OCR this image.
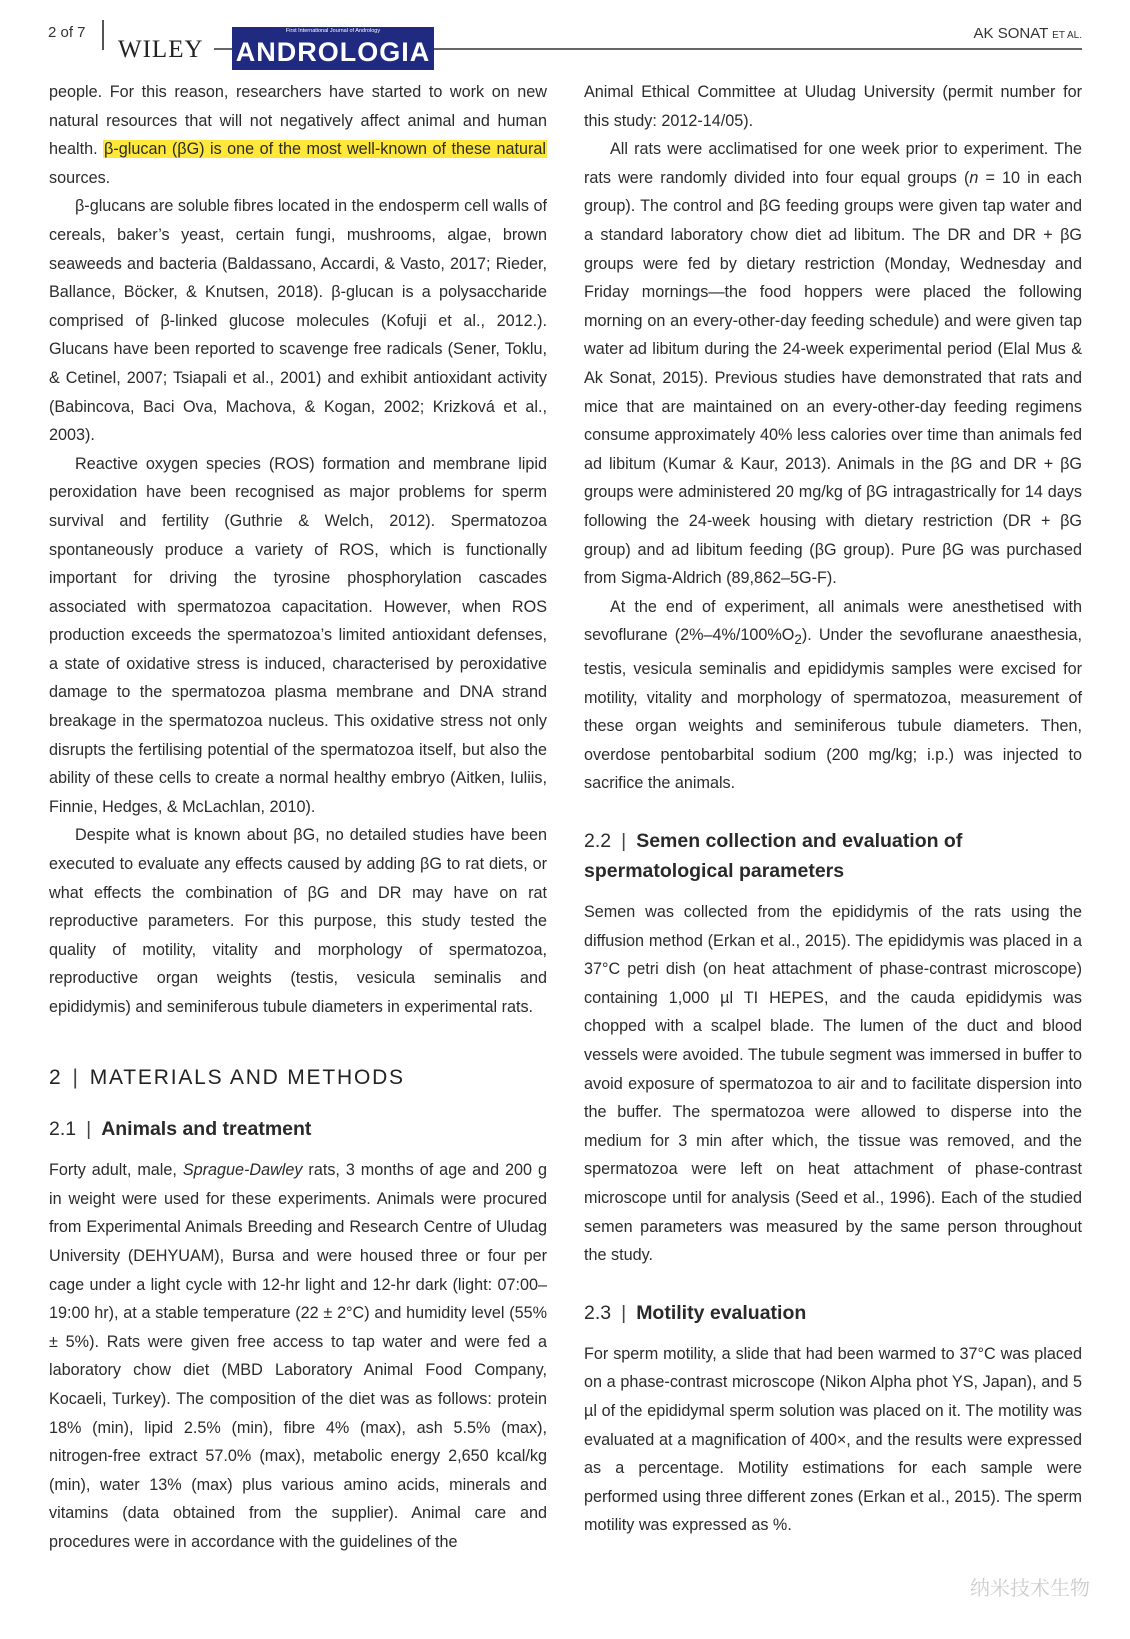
2 of 7
WILEY
First International Journal of Andrology
ANDROLOGIA
AK SONAT ET AL.

people. For this reason, researchers have started to work on new natural resources that will not negatively affect animal and human health. β-glucan (βG) is one of the most well-known of these natural sources.

β-glucans are soluble fibres located in the endosperm cell walls of cereals, baker’s yeast, certain fungi, mushrooms, algae, brown seaweeds and bacteria (Baldassano, Accardi, & Vasto, 2017; Rieder, Ballance, Böcker, & Knutsen, 2018). β-glucan is a polysaccharide comprised of β-linked glucose molecules (Kofuji et al., 2012.). Glucans have been reported to scavenge free radicals (Sener, Toklu, & Cetinel, 2007; Tsiapali et al., 2001) and exhibit antioxidant activity (Babincova, Baci Ova, Machova, & Kogan, 2002; Krizková et al., 2003).

Reactive oxygen species (ROS) formation and membrane lipid peroxidation have been recognised as major problems for sperm survival and fertility (Guthrie & Welch, 2012). Spermatozoa spontaneously produce a variety of ROS, which is functionally important for driving the tyrosine phosphorylation cascades associated with spermatozoa capacitation. However, when ROS production exceeds the spermatozoa’s limited antioxidant defenses, a state of oxidative stress is induced, characterised by peroxidative damage to the spermatozoa plasma membrane and DNA strand breakage in the spermatozoa nucleus. This oxidative stress not only disrupts the fertilising potential of the spermatozoa itself, but also the ability of these cells to create a normal healthy embryo (Aitken, Iuliis, Finnie, Hedges, & McLachlan, 2010).

Despite what is known about βG, no detailed studies have been executed to evaluate any effects caused by adding βG to rat diets, or what effects the combination of βG and DR may have on rat reproductive parameters. For this purpose, this study tested the quality of motility, vitality and morphology of spermatozoa, reproductive organ weights (testis, vesicula seminalis and epididymis) and seminiferous tubule diameters in experimental rats.

2 | MATERIALS AND METHODS
2.1 | Animals and treatment

Forty adult, male, Sprague-Dawley rats, 3 months of age and 200 g in weight were used for these experiments. Animals were procured from Experimental Animals Breeding and Research Centre of Uludag University (DEHYUAM), Bursa and were housed three or four per cage under a light cycle with 12-hr light and 12-hr dark (light: 07:00–19:00 hr), at a stable temperature (22 ± 2°C) and humidity level (55% ± 5%). Rats were given free access to tap water and were fed a laboratory chow diet (MBD Laboratory Animal Food Company, Kocaeli, Turkey). The composition of the diet was as follows: protein 18% (min), lipid 2.5% (min), fibre 4% (max), ash 5.5% (max), nitrogen-free extract 57.0% (max), metabolic energy 2,650 kcal/kg (min), water 13% (max) plus various amino acids, minerals and vitamins (data obtained from the supplier). Animal care and procedures were in accordance with the guidelines of the

Animal Ethical Committee at Uludag University (permit number for this study: 2012-14/05).

All rats were acclimatised for one week prior to experiment. The rats were randomly divided into four equal groups (n = 10 in each group). The control and βG feeding groups were given tap water and a standard laboratory chow diet ad libitum. The DR and DR + βG groups were fed by dietary restriction (Monday, Wednesday and Friday mornings—the food hoppers were placed the following morning on an every-other-day feeding schedule) and were given tap water ad libitum during the 24-week experimental period (Elal Mus & Ak Sonat, 2015). Previous studies have demonstrated that rats and mice that are maintained on an every-other-day feeding regimens consume approximately 40% less calories over time than animals fed ad libitum (Kumar & Kaur, 2013). Animals in the βG and DR + βG groups were administered 20 mg/kg of βG intragastrically for 14 days following the 24-week housing with dietary restriction (DR + βG group) and ad libitum feeding (βG group). Pure βG was purchased from Sigma-Aldrich (89,862–5G-F).

At the end of experiment, all animals were anesthetised with sevoflurane $(2\%-4\%/100\%O_2)$. Under the sevoflurane anaesthesia, testis, vesicula seminalis and epididymis samples were excised for motility, vitality and morphology of spermatozoa, measurement of these organ weights and seminiferous tubule diameters. Then, overdose pentobarbital sodium (200 mg/kg; i.p.) was injected to sacrifice the animals.

2.2 | Semen collection and evaluation of spermatological parameters

Semen was collected from the epididymis of the rats using the diffusion method (Erkan et al., 2015). The epididymis was placed in a 37°C petri dish (on heat attachment of phase-contrast microscope) containing 1,000 µl TI HEPES, and the cauda epididymis was chopped with a scalpel blade. The lumen of the duct and blood vessels were avoided. The tubule segment was immersed in buffer to avoid exposure of spermatozoa to air and to facilitate dispersion into the buffer. The spermatozoa were allowed to disperse into the medium for 3 min after which, the tissue was removed, and the spermatozoa were left on heat attachment of phase-contrast microscope until for analysis (Seed et al., 1996). Each of the studied semen parameters was measured by the same person throughout the study.

2.3 | Motility evaluation

For sperm motility, a slide that had been warmed to 37°C was placed on a phase-contrast microscope (Nikon Alpha phot YS, Japan), and 5 µl of the epididymal sperm solution was placed on it. The motility was evaluated at a magnification of 400×, and the results were expressed as a percentage. Motility estimations for each sample were performed using three different zones (Erkan et al., 2015). The sperm motility was expressed as %.

纳米技术生物
